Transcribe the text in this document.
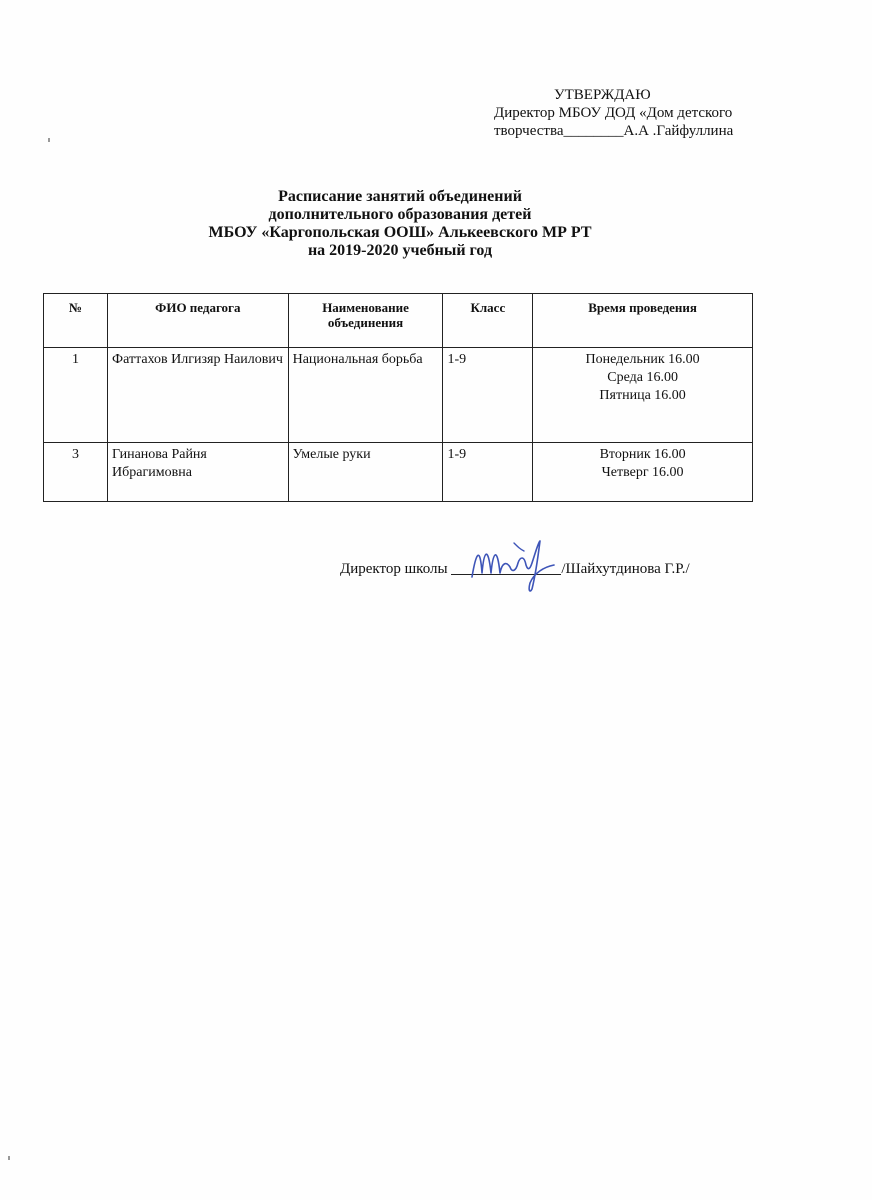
УТВЕРЖДАЮ
Директор МБОУ ДОД «Дом детского
творчества________А.А .Гайфуллина
Расписание занятий объединений
дополнительного образования детей
МБОУ «Каргопольская ООШ» Алькеевского МР РТ
на 2019-2020 учебный год
№	ФИО педагога	Наименование объединения	Класс	Время проведения
1	Фаттахов Илгизяр Наилович	Национальная борьба	1-9	Понедельник 16.00
Среда 16.00
Пятница 16.00

3	Гинанова Райня Ибрагимовна	Умелые руки	1-9	Вторник 16.00
Четверг 16.00
Директор школы	/Шайхутдинова Г.Р./
